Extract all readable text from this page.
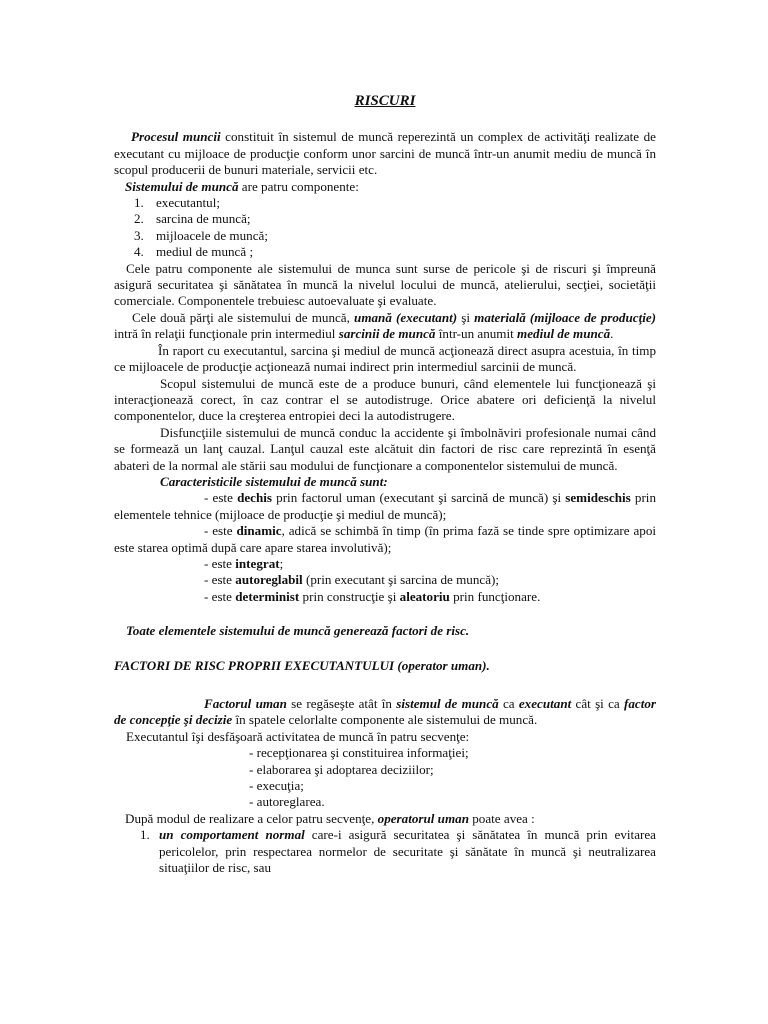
RISCURI

Procesul muncii constituit în sistemul de muncă reperezintă un complex de activităţi realizate de executant cu mijloace de producţie conform unor sarcini de muncă într-un anumit mediu de muncă în scopul producerii de bunuri materiale, servicii etc.

Sistemului de muncă are patru componente:

1. executantul;
2. sarcina de muncă;
3. mijloacele de muncă;
4. mediul de muncă ;

Cele patru componente ale sistemului de munca sunt surse de pericole şi de riscuri şi împreună asigură securitatea şi sănătatea în muncă la nivelul locului de muncă, atelierului, secţiei, societăţii comerciale. Componentele trebuiesc autoevaluate şi evaluate.

Cele două părţi ale sistemului de muncă, umană (executant) şi materială (mijloace de producţie) intră în relaţii funcţionale prin intermediul sarcinii de muncă într-un anumit mediul de muncă.

În raport cu executantul, sarcina şi mediul de muncă acţionează direct asupra acestuia, în timp ce mijloacele de producţie acţionează numai indirect prin intermediul sarcinii de muncă.

Scopul sistemului de muncă este de a produce bunuri, când elementele lui funcţionează şi interacţionează corect, în caz contrar el se autodistruge. Orice abatere ori deficienţă la nivelul componentelor, duce la creşterea entropiei deci la autodistrugere.

Disfuncţiile sistemului de muncă conduc la accidente şi îmbolnăviri profesionale numai când se formează un lanţ cauzal. Lanţul cauzal este alcătuit din factori de risc care reprezintă în esenţă abateri de la normal ale stării sau modului de funcţionare a componentelor sistemului de muncă.

Caracteristicile sistemului de muncă sunt:

- este dechis prin factorul uman (executant şi sarcină de muncă) şi semideschis prin elementele tehnice (mijloace de producţie şi mediul de muncă);

- este dinamic, adică se schimbă în timp (în prima fază se tinde spre optimizare apoi este starea optimă după care apare starea involutivă);

- este integrat;

- este autoreglabil (prin executant şi sarcina de muncă);

- este determinist prin construcţie şi aleatoriu prin funcţionare.

Toate elementele sistemului de muncă generează factori de risc.

FACTORI DE RISC PROPRII EXECUTANTULUI (operator uman).

Factorul uman se regăseşte atât în sistemul de muncă ca executant cât şi ca factor de concepţie şi decizie în spatele celorlalte componente ale sistemului de muncă.

Executantul îşi desfăşoară activitatea de muncă în patru secvenţe:

- recepţionarea şi constituirea informaţiei;

- elaborarea şi adoptarea deciziilor;

- execuţia;

- autoreglarea.

După modul de realizare a celor patru secvenţe, operatorul uman poate avea :

1. un comportament normal care-i asigură securitatea şi sănătatea în muncă prin evitarea pericolelor, prin respectarea normelor de securitate şi sănătate în muncă şi neutralizarea situaţiilor de risc, sau
